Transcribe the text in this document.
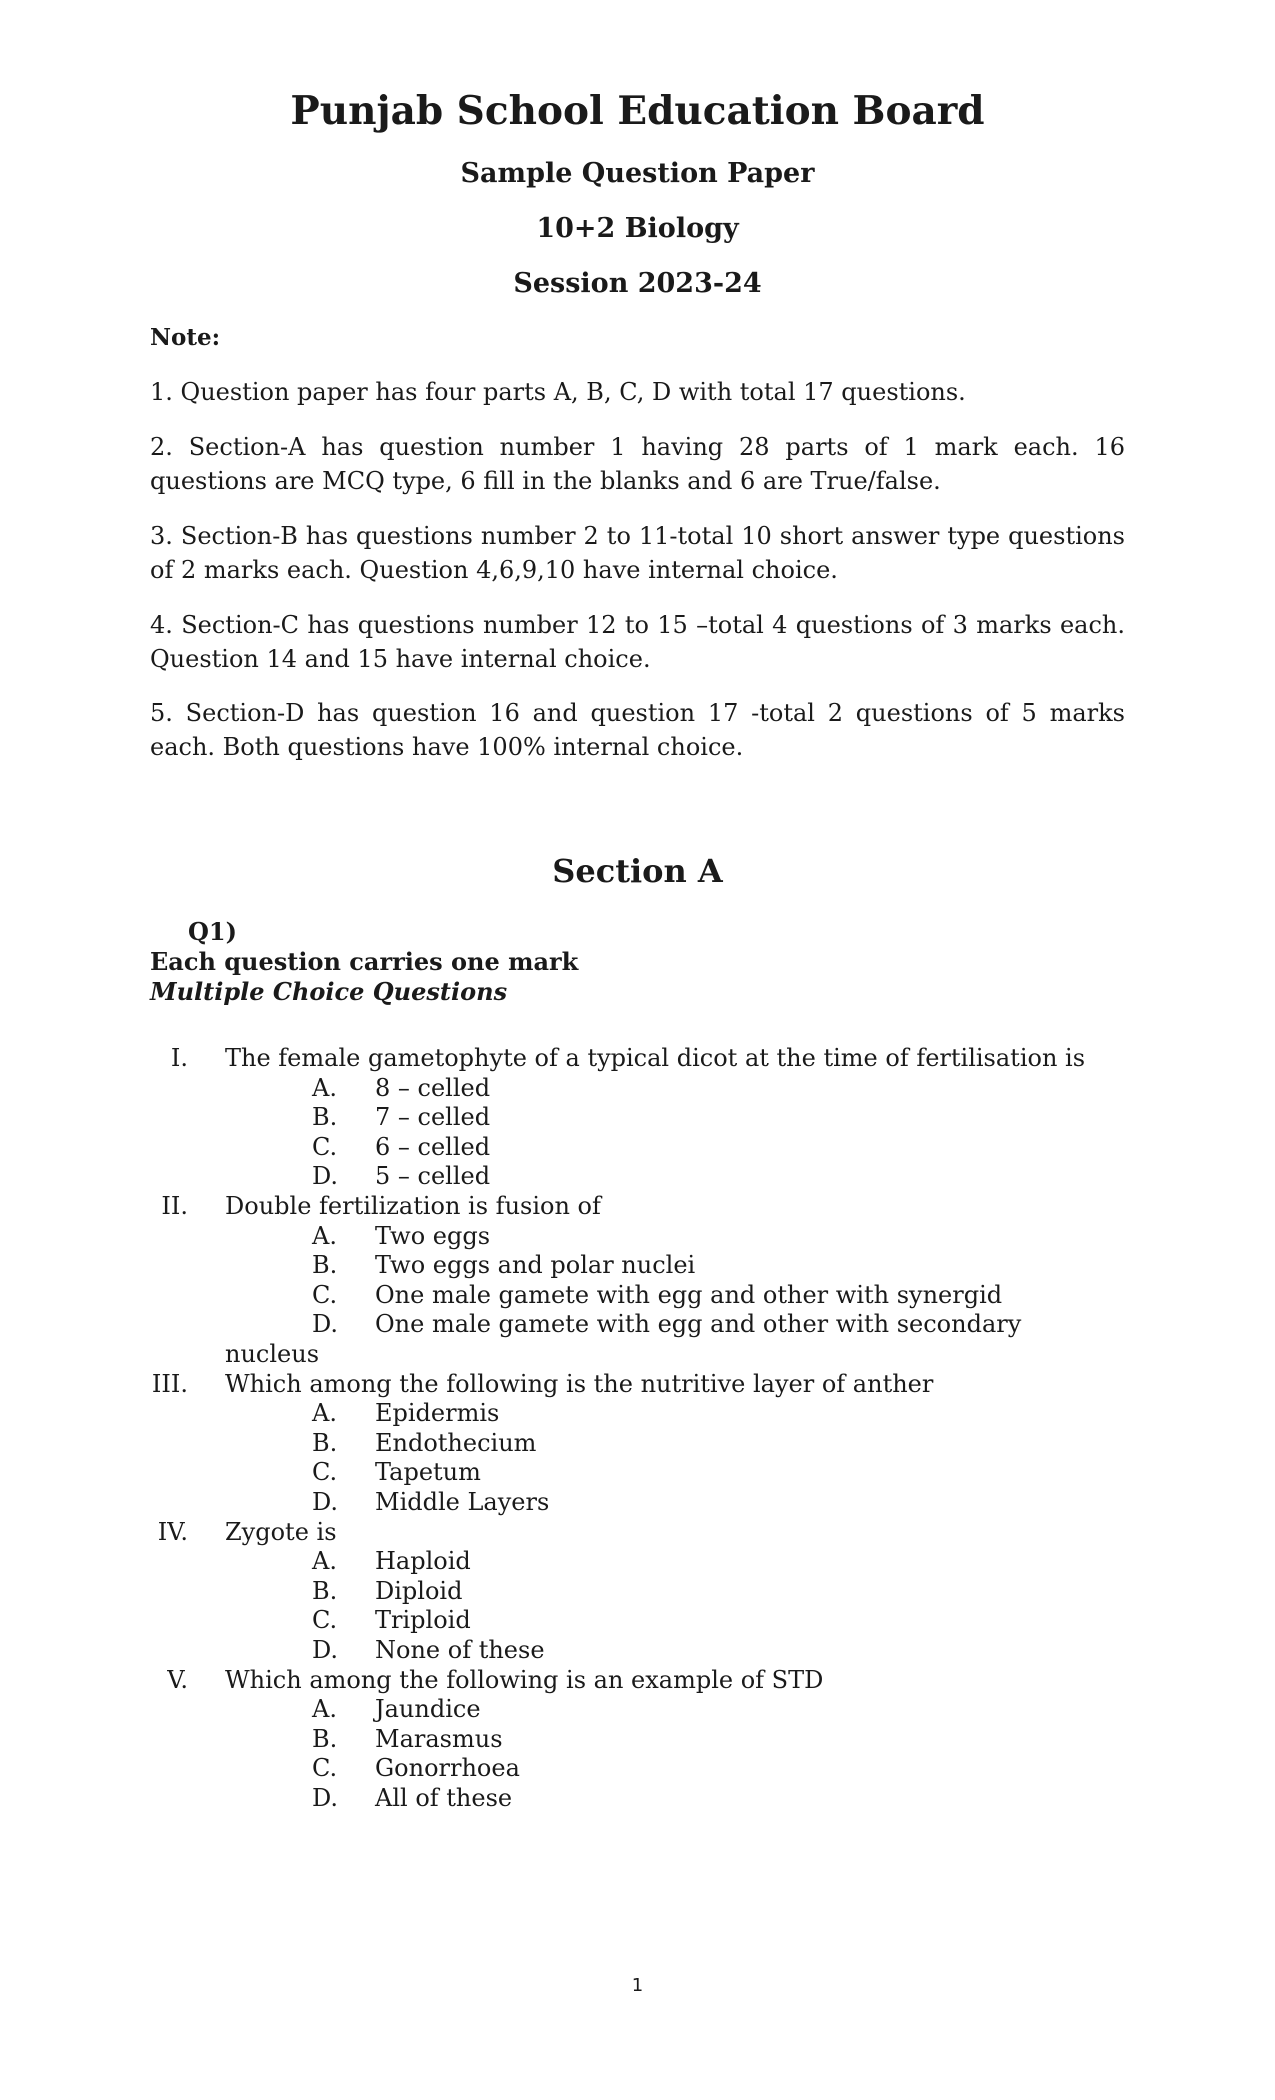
Punjab School Education Board
Sample Question Paper
10+2 Biology
Session 2023-24
Note:

1. Question paper has four parts A, B, C, D with total 17 questions.

2. Section-A has question number 1 having 28 parts of 1 mark each. 16 questions are MCQ type, 6 fill in the blanks and 6 are True/false.

3. Section-B has questions number 2 to 11-total 10 short answer type questions of 2 marks each. Question 4,6,9,10 have internal choice.

4. Section-C has questions number 12 to 15 –total 4 questions of 3 marks each. Question 14 and 15 have internal choice.

5. Section-D has question 16 and question 17 -total 2 questions of 5 marks each. Both questions have 100% internal choice.

Section A
Q1)
Each question carries one mark
Multiple Choice Questions
I. The female gametophyte of a typical dicot at the time of fertilisation is
A. 8 – celled
B. 7 – celled
C. 6 – celled
D. 5 – celled
II. Double fertilization is fusion of
A. Two eggs
B. Two eggs and polar nuclei
C. One male gamete with egg and other with synergid
D. One male gamete with egg and other with secondary
nucleus
III. Which among the following is the nutritive layer of anther
A. Epidermis
B. Endothecium
C. Tapetum
D. Middle Layers
IV. Zygote is
A. Haploid
B. Diploid
C. Triploid
D. None of these
V. Which among the following is an example of STD
A. Jaundice
B. Marasmus
C. Gonorrhoea
D. All of these
1
